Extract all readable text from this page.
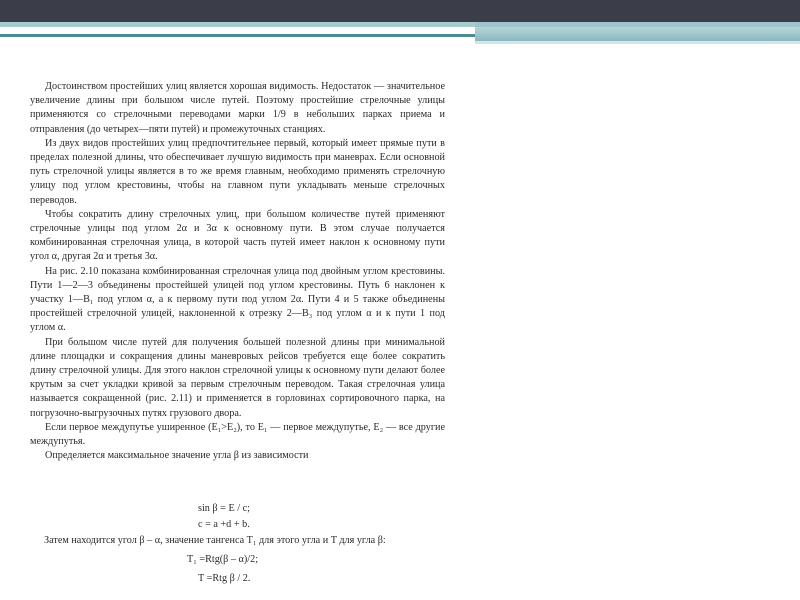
Достоинством простейших улиц является хорошая видимость. Недостаток — значительное увеличение длины при большом числе путей. Поэтому простейшие стрелочные улицы применяются со стрелочными переводами марки 1/9 в небольших парках приема и отправления (до четырех—пяти путей) и промежуточных станциях.

Из двух видов простейших улиц предпочтительнее первый, который имеет прямые пути в пределах полезной длины, что обеспечивает лучшую видимость при маневрах. Если основной путь стрелочной улицы является в то же время главным, необходимо применять стрелочную улицу под углом крестовины, чтобы на главном пути укладывать меньше стрелочных переводов.

Чтобы сократить длину стрелочных улиц, при большом количестве путей применяют стрелочные улицы под углом 2α и 3α к основному пути. В этом случае получается комбинированная стрелочная улица, в которой часть путей имеет наклон к основному пути угол α, другая 2α и третья 3α.

На рис. 2.10 показана комбинированная стрелочная улица под двойным углом крестовины. Пути 1—2—3 объединены простейшей улицей под углом крестовины. Путь 6 наклонен к участку 1—B₁ под углом α, а к первому пути под углом 2α. Пути 4 и 5 также объединены простейшей стрелочной улицей, наклоненной к отрезку 2—B₃ под углом α и к пути 1 под углом α.

При большом числе путей для получения большей полезной длины при минимальной длине площадки и сокращения длины маневровых рейсов требуется еще более сократить длину стрелочной улицы. Для этого наклон стрелочной улицы к основному пути делают более крутым за счет укладки кривой за первым стрелочным переводом. Такая стрелочная улица называется сокращенной (рис. 2.11) и применяется в горловинах сортировочного парка, на погрузочно-выгрузочных путях грузового двора.

Если первое междупутье уширенное (E₁>E₂), то E₁ — первое междупутье, E₂ — все другие междупутья.

Определяется максимальное значение угла β из зависимости

sin β = E / c;
c = a +d + b.
Затем находится угол β – α, значение тангенса T₁ для этого угла и T для угла β:
T₁ =Rtg(β – α)/2;
T =Rtg β / 2.
